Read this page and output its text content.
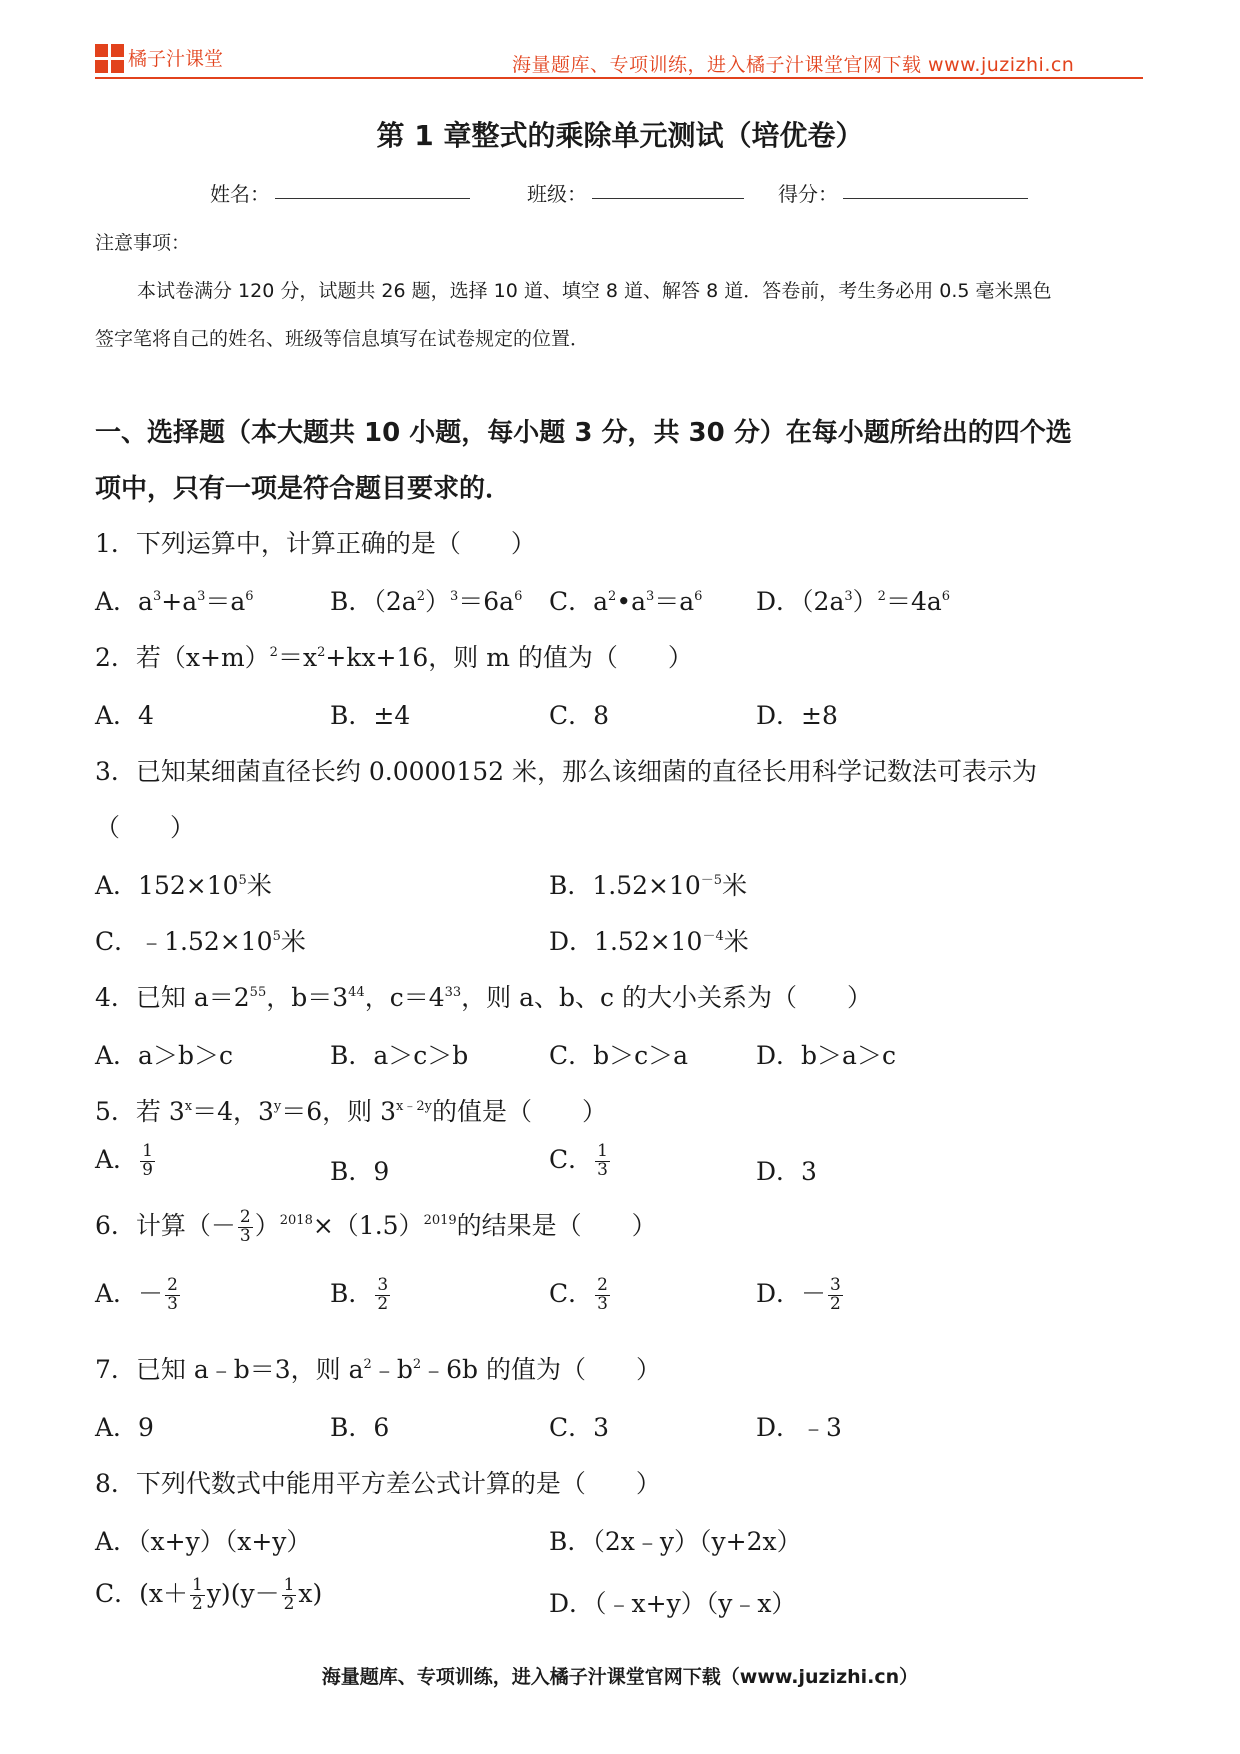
橘子汁课堂	海量题库、专项训练，进入橘子汁课堂官网下载 www.juzizhi.cn
第 1 章整式的乘除单元测试（培优卷）
姓名：	班级：	得分：
注意事项：
本试卷满分 120 分，试题共 26 题，选择 10 道、填空 8 道、解答 8 道．答卷前，考生务必用 0.5 毫米黑色
签字笔将自己的姓名、班级等信息填写在试卷规定的位置．
一、选择题（本大题共 10 小题，每小题 3 分，共 30 分）在每小题所给出的四个选
项中，只有一项是符合题目要求的．
1．下列运算中，计算正确的是（　　）
A．$a^3+a^3=a^6$	B．$(2a^2)^3=6a^6$ C．$a^2•a^3=a^6$ D．$(2a^3)^2=4a^6$
2．若$(x+m)^2=x^2+kx+16$，则 m 的值为（　　）
A．4	B．±4	C．8	D．±8
3．已知某细菌直径长约 0.0000152 米，那么该细菌的直径长用科学记数法可表示为
（　　）
A．$152\times 10^5$米	B．$1.52\times 10^{-5}$米
C．$﹣1.52\times 10^5$米	D．$1.52\times 10^{-4}$米
4．已知 $a=2^{55}$，$b=3^{44}$，$c=4^{33}$，则 a、b、c 的大小关系为（　　）
A．a＞b＞c	B．a＞c＞b	C．b＞c＞a	D．b＞a＞c
5．若 $3^x=4$，$3^y=6$，则 $3^{x﹣2y}$的值是（　　）
A． $\frac{1}{9}$	B．9	C． $\frac{1}{3}$	D．3
6．计算（－ $\frac{2}{3} )^{2018}\times(1.5)^{2019}$的结果是（　　）
A．－ $\frac{2}{3}$	B． $\frac{3}{2}$	C． $\frac{2}{3}$	D．－ $\frac{3}{2}$
7．已知 a﹣b＝3，则 $a^2﹣b^2﹣6b$ 的值为（　　）
A．9	B．6	C．3	D．﹣3
8．下列代数式中能用平方差公式计算的是（　　）
A．（x+y）（x+y）	B．（2x﹣y）（y+2x）
C．$(x+ \frac{1}{2} y)(y- \frac{1}{2} x)$	D．（﹣x+y）（y﹣x）
海量题库、专项训练，进入橘子汁课堂官网下载（www.juzizhi.cn）
